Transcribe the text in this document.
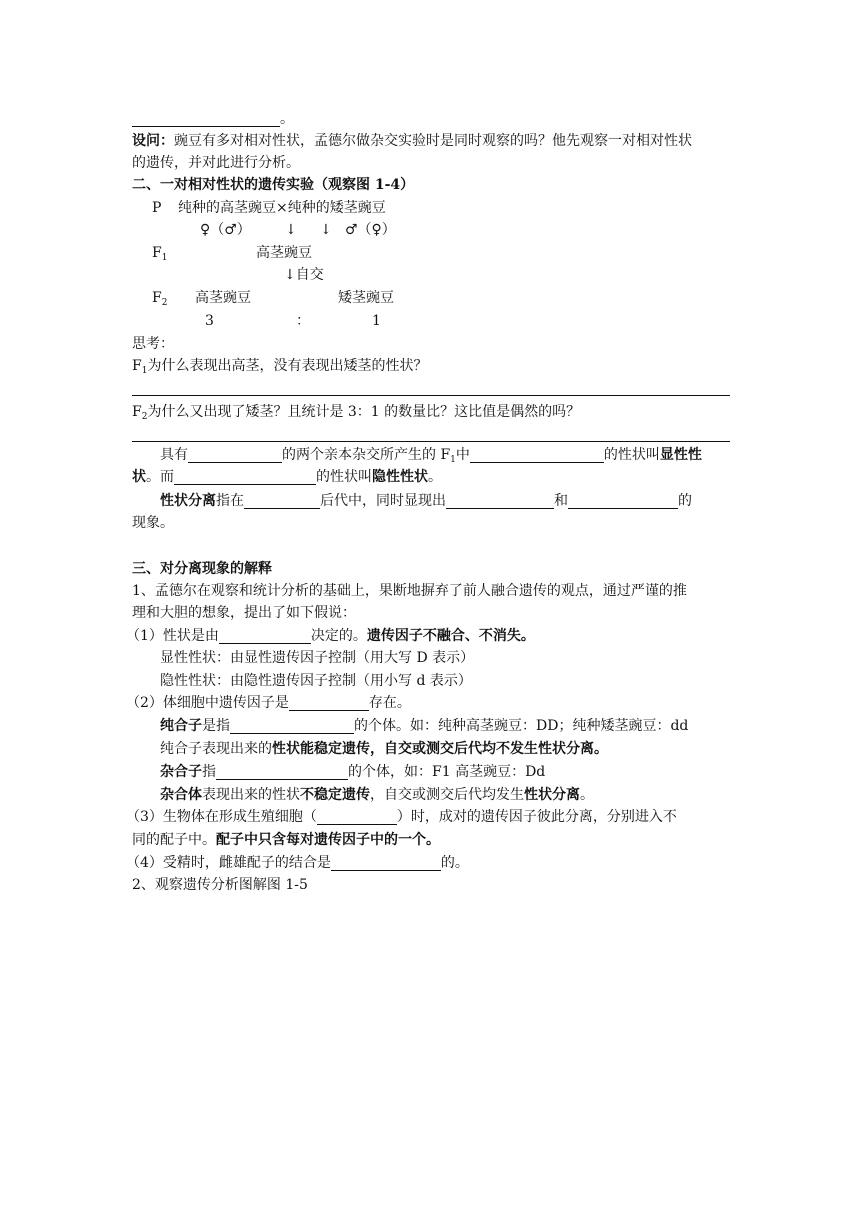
。
设问：豌豆有多对相对性状，孟德尔做杂交实验时是同时观察的吗？他先观察一对相对性状
的遗传，并对此进行分析。
二、一对相对性状的遗传实验（观察图 1-4）
P 纯种的高茎豌豆×纯种的矮茎豌豆
♀（♂） ↓ ↓ ♂（♀）
$F_1$	高茎豌豆
↓自交
$F_2$ 高茎豌豆	矮茎豌豆
3	：	1
思考：
$F_1$为什么表现出高茎，没有表现出矮茎的性状？
$F_2$为什么又出现了矮茎？且统计是 3：1 的数量比？这比值是偶然的吗？
具有	的两个亲本杂交所产生的 $F_1$中	的性状叫显性性
状。而	的性状叫隐性性状。
性状分离指在	后代中，同时显现出	和	的
现象。
三、对分离现象的解释
1、孟德尔在观察和统计分析的基础上，果断地摒弃了前人融合遗传的观点，通过严谨的推
理和大胆的想象，提出了如下假说：
（1）性状是由	决定的。遗传因子不融合、不消失。
显性性状：由显性遗传因子控制（用大写 D 表示）
隐性性状：由隐性遗传因子控制（用小写 d 表示）
（2）体细胞中遗传因子是	存在。
纯合子是指	的个体。如：纯种高茎豌豆：DD；纯种矮茎豌豆：dd
纯合子表现出来的性状能稳定遗传，自交或测交后代均不发生性状分离。
杂合子指	的个体，如：F1 高茎豌豆：Dd
杂合体表现出来的性状不稳定遗传，自交或测交后代均发生性状分离。
（3）生物体在形成生殖细胞（	）时，成对的遗传因子彼此分离，分别进入不
同的配子中。配子中只含每对遗传因子中的一个。
（4）受精时，雌雄配子的结合是	的。
2、观察遗传分析图解图 1-5
